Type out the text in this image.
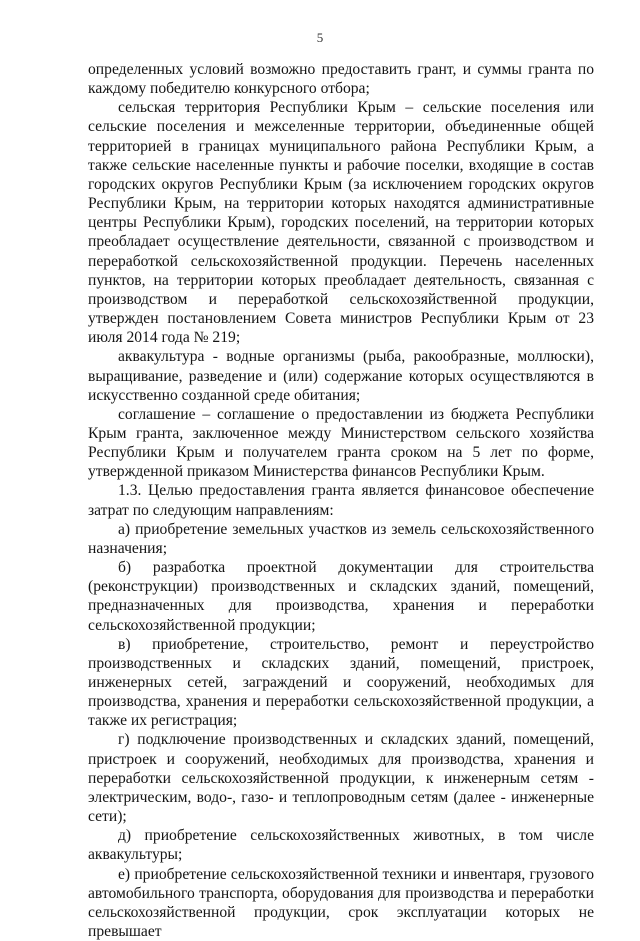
5

определенных условий возможно предоставить грант, и суммы гранта по каждому победителю конкурсного отбора;

сельская территория Республики Крым – сельские поселения или сельские поселения и межселенные территории, объединенные общей территорией в границах муниципального района Республики Крым, а также сельские населенные пункты и рабочие поселки, входящие в состав городских округов Республики Крым (за исключением городских округов Республики Крым, на территории которых находятся административные центры Республики Крым), городских поселений, на территории которых преобладает осуществление деятельности, связанной с производством и переработкой сельскохозяйственной продукции. Перечень населенных пунктов, на территории которых преобладает деятельность, связанная с производством и переработкой сельскохозяйственной продукции, утвержден постановлением Совета министров Республики Крым от 23 июля 2014 года № 219;

аквакультура - водные организмы (рыба, ракообразные, моллюски), выращивание, разведение и (или) содержание которых осуществляются в искусственно созданной среде обитания;

соглашение – соглашение о предоставлении из бюджета Республики Крым гранта, заключенное между Министерством сельского хозяйства Республики Крым и получателем гранта сроком на 5 лет по форме, утвержденной приказом Министерства финансов Республики Крым.

1.3. Целью предоставления гранта является финансовое обеспечение затрат по следующим направлениям:

а) приобретение земельных участков из земель сельскохозяйственного назначения;

б) разработка проектной документации для строительства (реконструкции) производственных и складских зданий, помещений, предназначенных для производства, хранения и переработки сельскохозяйственной продукции;

в) приобретение, строительство, ремонт и переустройство производственных и складских зданий, помещений, пристроек, инженерных сетей, заграждений и сооружений, необходимых для производства, хранения и переработки сельскохозяйственной продукции, а также их регистрация;

г) подключение производственных и складских зданий, помещений, пристроек и сооружений, необходимых для производства, хранения и переработки сельскохозяйственной продукции, к инженерным сетям - электрическим, водо-, газо- и теплопроводным сетям (далее - инженерные сети);

д) приобретение сельскохозяйственных животных, в том числе аквакультуры;

е) приобретение сельскохозяйственной техники и инвентаря, грузового автомобильного транспорта, оборудования для производства и переработки сельскохозяйственной продукции, срок эксплуатации которых не превышает
